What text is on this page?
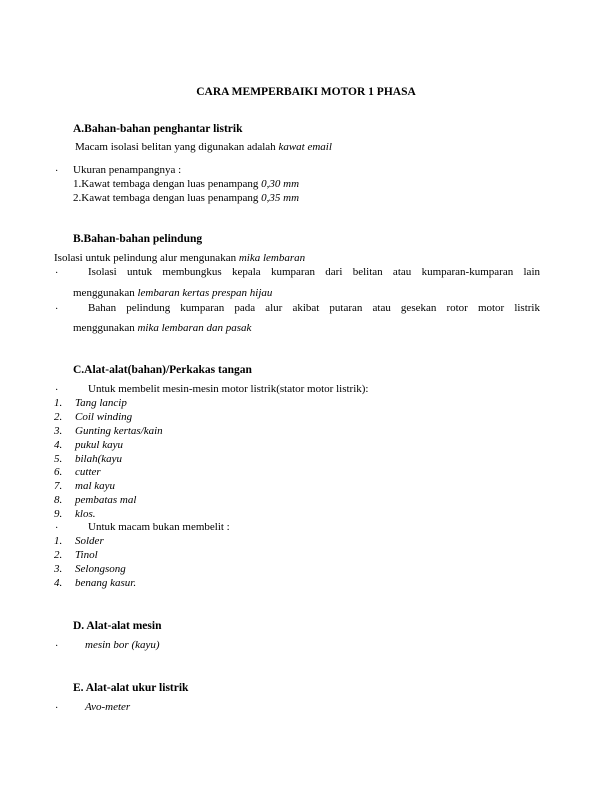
CARA MEMPERBAIKI MOTOR 1 PHASA
A.Bahan-bahan penghantar listrik
Macam isolasi belitan yang digunakan adalah kawat email
· Ukuran penampangnya :
1.Kawat tembaga dengan luas penampang 0,30 mm
2.Kawat tembaga dengan luas penampang 0,35 mm
B.Bahan-bahan pelindung
Isolasi untuk pelindung alur mengunakan mika lembaran
·	Isolasi untuk membungkus kepala kumparan dari belitan atau kumparan-kumparan lain
menggunakan lembaran kertas prespan hijau
·	Bahan pelindung kumparan pada alur akibat putaran atau gesekan rotor motor listrik
menggunakan mika lembaran dan pasak
C.Alat-alat(bahan)/Perkakas tangan
·	Untuk membelit mesin-mesin motor listrik(stator motor listrik):
1.	Tang lancip
2.	Coil winding
3.	Gunting kertas/kain
4.	pukul kayu
5.	bilah(kayu
6.	cutter
7.	mal kayu
8.	pembatas mal
9.	klos.
·	Untuk macam bukan membelit :
1.	Solder
2.	Tinol
3.	Selongsong
4.	benang kasur.
D. Alat-alat mesin
· mesin bor (kayu)
E. Alat-alat ukur listrik
· Avo-meter
